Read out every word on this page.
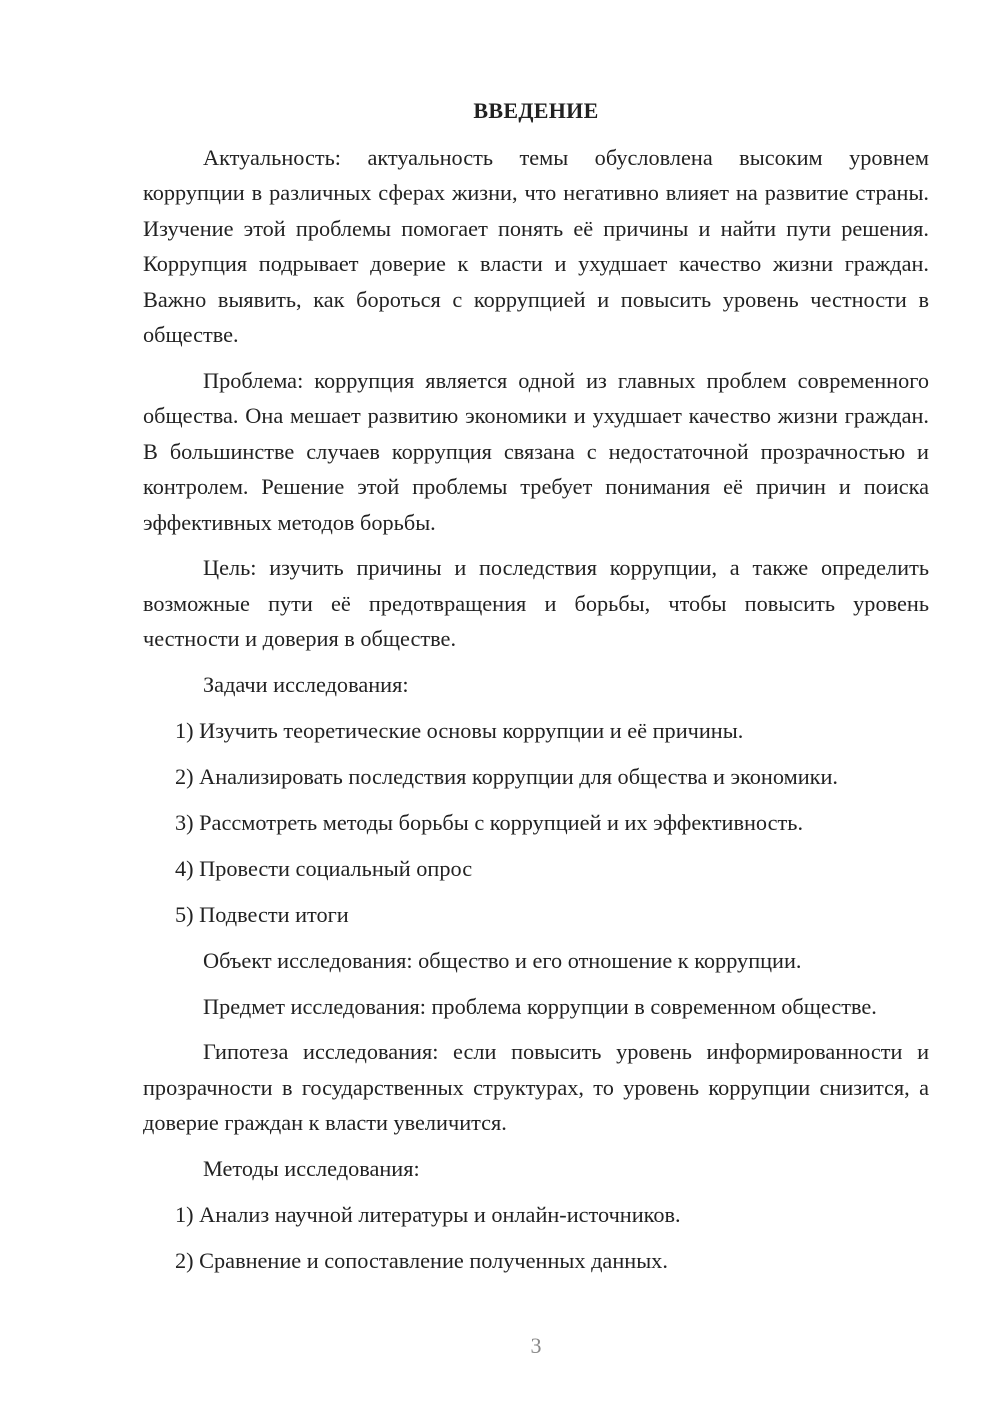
ВВЕДЕНИЕ

Актуальность: актуальность темы обусловлена высоким уровнем коррупции в различных сферах жизни, что негативно влияет на развитие страны. Изучение этой проблемы помогает понять её причины и найти пути решения. Коррупция подрывает доверие к власти и ухудшает качество жизни граждан. Важно выявить, как бороться с коррупцией и повысить уровень честности в обществе.

Проблема: коррупция является одной из главных проблем современного общества. Она мешает развитию экономики и ухудшает качество жизни граждан. В большинстве случаев коррупция связана с недостаточной прозрачностью и контролем. Решение этой проблемы требует понимания её причин и поиска эффективных методов борьбы.

Цель: изучить причины и последствия коррупции, а также определить возможные пути её предотвращения и борьбы, чтобы повысить уровень честности и доверия в обществе.

Задачи исследования:

1) Изучить теоретические основы коррупции и её причины.
2) Анализировать последствия коррупции для общества и экономики.
3) Рассмотреть методы борьбы с коррупцией и их эффективность.
4) Провести социальный опрос
5) Подвести итоги

Объект исследования: общество и его отношение к коррупции.

Предмет исследования: проблема коррупции в современном обществе.

Гипотеза исследования: если повысить уровень информированности и прозрачности в государственных структурах, то уровень коррупции снизится, а доверие граждан к власти увеличится.

Методы исследования:

1) Анализ научной литературы и онлайн-источников.
2) Сравнение и сопоставление полученных данных.
3
